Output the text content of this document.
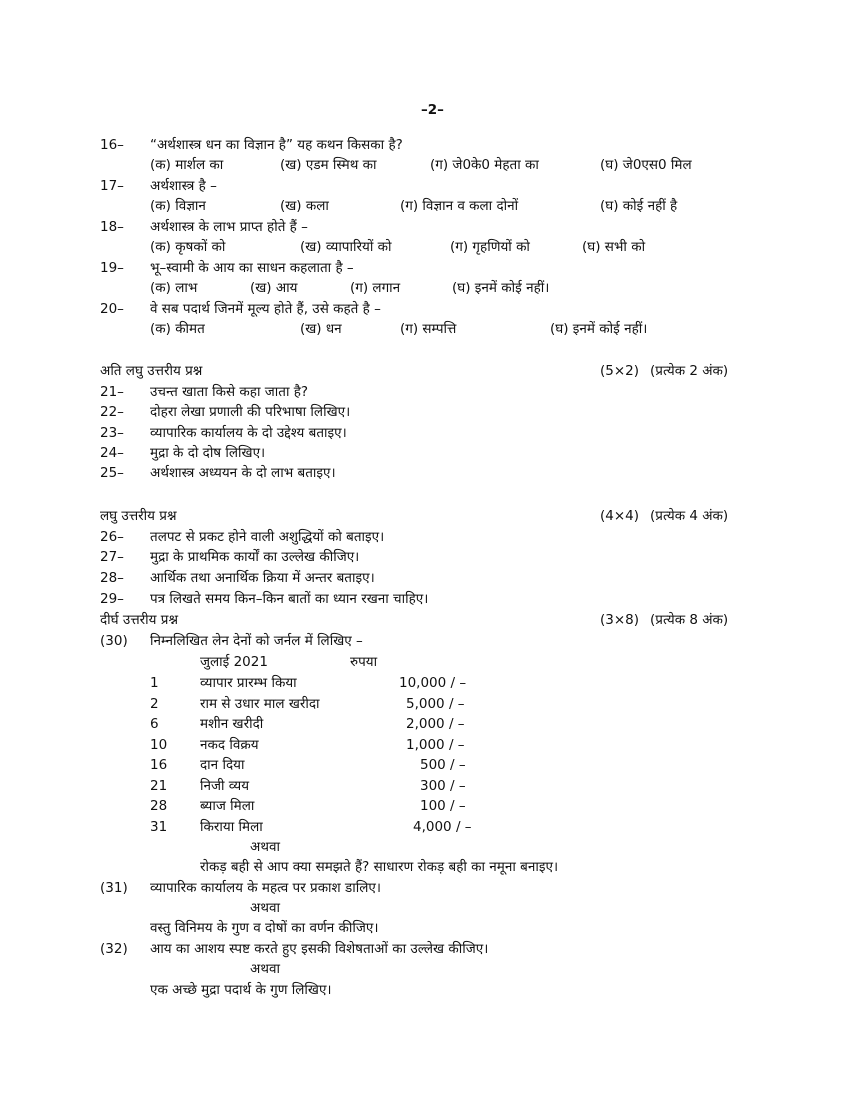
–2–
16– “अर्थशास्त्र धन का विज्ञान है” यह कथन किसका है?
(क) मार्शल का	(ख) एडम स्मिथ का	(ग) जे0के0 मेहता का	(घ) जे0एस0 मिल
17– अर्थशास्त्र है –
(क) विज्ञान	(ख) कला	(ग) विज्ञान व कला दोनों	(घ) कोई नहीं है
18– अर्थशास्त्र के लाभ प्राप्त होते हैं –
(क) कृषकों को	(ख) व्यापारियों को	(ग) गृहणियों को	(घ) सभी को
19– भू–स्वामी के आय का साधन कहलाता है –
(क) लाभ	(ख) आय	(ग) लगान	(घ) इनमें कोई नहीं।
20– वे सब पदार्थ जिनमें मूल्य होते हैं, उसे कहते है –
(क) कीमत	(ख) धन	(ग) सम्पत्ति	(घ) इनमें कोई नहीं।
अति लघु उत्तरीय प्रश्न	(5×2) (प्रत्येक 2 अंक)
21– उचन्त खाता किसे कहा जाता है?
22– दोहरा लेखा प्रणाली की परिभाषा लिखिए।
23– व्यापारिक कार्यालय के दो उद्देश्य बताइए।
24– मुद्रा के दो दोष लिखिए।
25– अर्थशास्त्र अध्ययन के दो लाभ बताइए।
लघु उत्तरीय प्रश्न	(4×4) (प्रत्येक 4 अंक)
26– तलपट से प्रकट होने वाली अशुद्धियों को बताइए।
27– मुद्रा के प्राथमिक कार्यों का उल्लेख कीजिए।
28– आर्थिक तथा अनार्थिक क्रिया में अन्तर बताइए।
29– पत्र लिखते समय किन–किन बातों का ध्यान रखना चाहिए।
दीर्घ उत्तरीय प्रश्न	(3×8) (प्रत्येक 8 अंक)
(30) निम्नलिखित लेन देनों को जर्नल में लिखिए –
जुलाई 2021	रुपया
1	व्यापार प्रारम्भ किया	10,000 / –
2	राम से उधार माल खरीदा	5,000 / –
6	मशीन खरीदी	2,000 / –
10 नकद विक्रय	1,000 / –
16 दान दिया	500 / –
21 निजी व्यय	300 / –
28 ब्याज मिला	100 / –
31 किराया मिला	4,000 / –
अथवा
रोकड़ बही से आप क्या समझते हैं? साधारण रोकड़ बही का नमूना बनाइए।
(31) व्यापारिक कार्यालय के महत्व पर प्रकाश डालिए।
अथवा
वस्तु विनिमय के गुण व दोषों का वर्णन कीजिए।
(32) आय का आशय स्पष्ट करते हुए इसकी विशेषताओं का उल्लेख कीजिए।
अथवा
एक अच्छे मुद्रा पदार्थ के गुण लिखिए।
